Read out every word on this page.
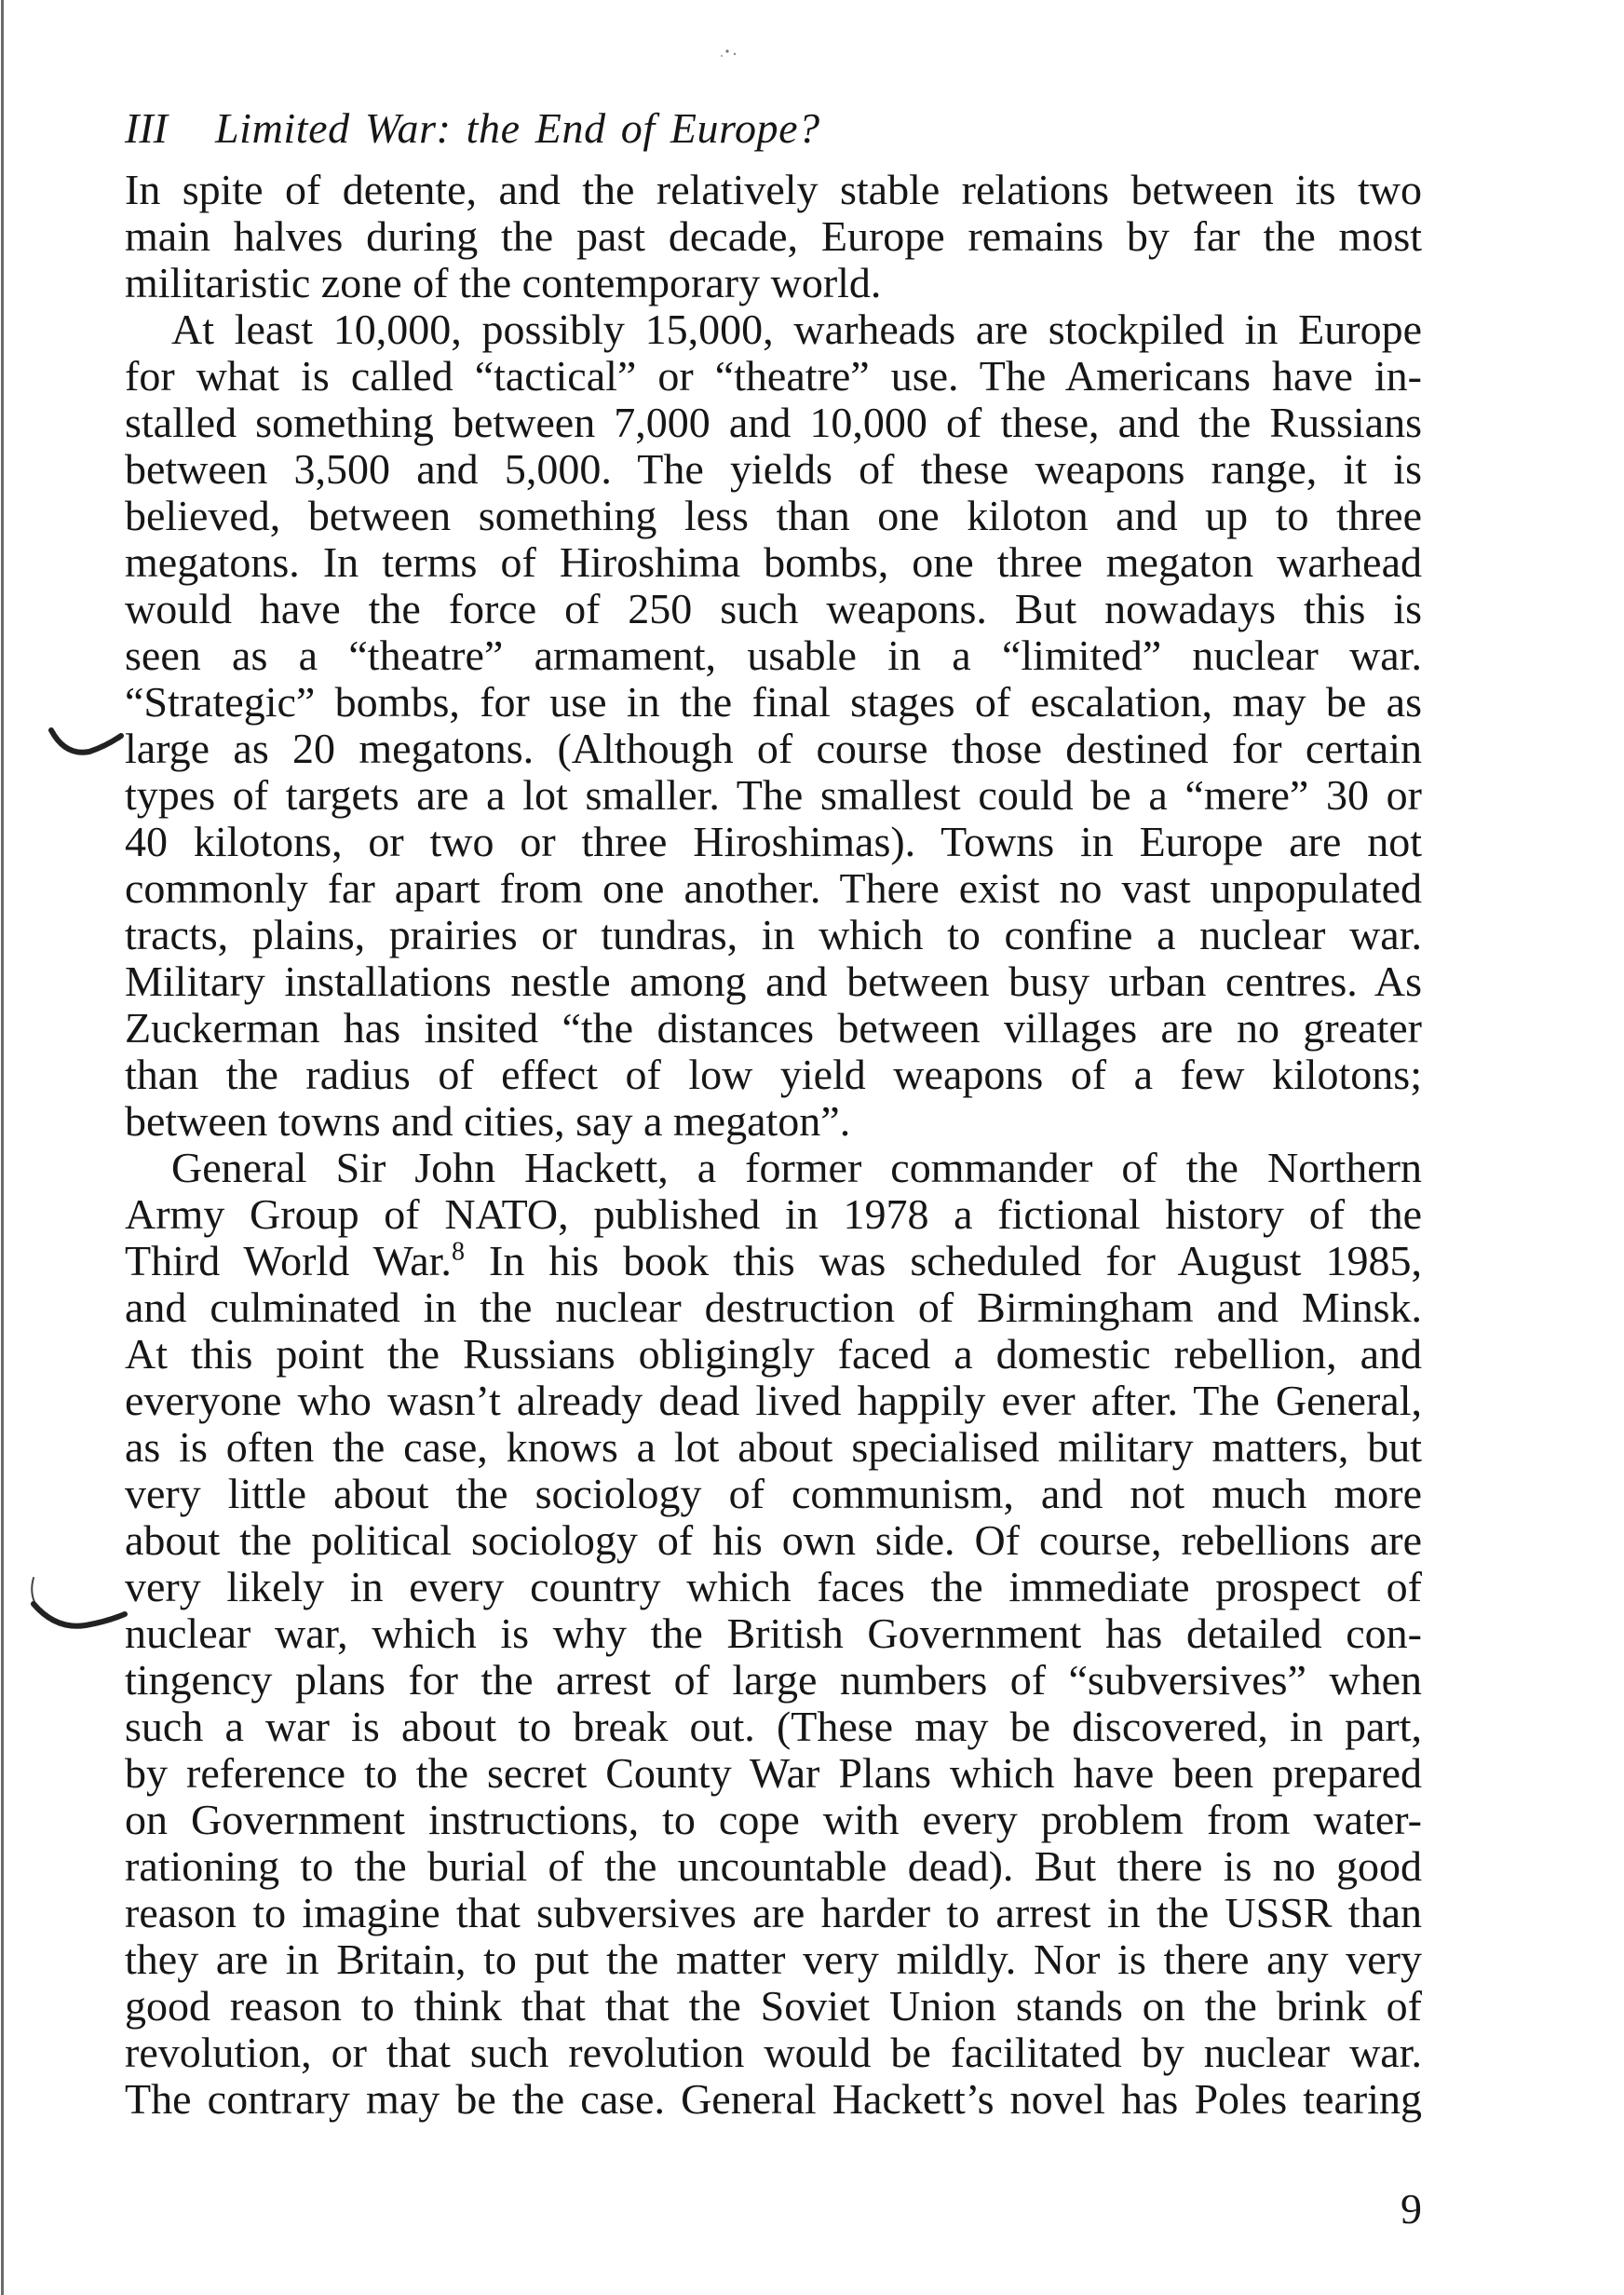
III Limited War: the End of Europe?
In spite of detente, and the relatively stable relations between its two
main halves during the past decade, Europe remains by far the most
militaristic zone of the contemporary world.
At least 10,000, possibly 15,000, warheads are stockpiled in Europe
for what is called “tactical” or “theatre” use. The Americans have in-
stalled something between 7,000 and 10,000 of these, and the Russians
between 3,500 and 5,000. The yields of these weapons range, it is
believed, between something less than one kiloton and up to three
megatons. In terms of Hiroshima bombs, one three megaton warhead
would have the force of 250 such weapons. But nowadays this is
seen as a “theatre” armament, usable in a “limited” nuclear war.
“Strategic” bombs, for use in the final stages of escalation, may be as
large as 20 megatons. (Although of course those destined for certain
types of targets are a lot smaller. The smallest could be a “mere” 30 or
40 kilotons, or two or three Hiroshimas). Towns in Europe are not
commonly far apart from one another. There exist no vast unpopulated
tracts, plains, prairies or tundras, in which to confine a nuclear war.
Military installations nestle among and between busy urban centres. As
Zuckerman has insited “the distances between villages are no greater
than the radius of effect of low yield weapons of a few kilotons;
between towns and cities, say a megaton”.
General Sir John Hackett, a former commander of the Northern
Army Group of NATO, published in 1978 a fictional history of the
Third World War.$^8$ In his book this was scheduled for August 1985,
and culminated in the nuclear destruction of Birmingham and Minsk.
At this point the Russians obligingly faced a domestic rebellion, and
everyone who wasn’t already dead lived happily ever after. The General,
as is often the case, knows a lot about specialised military matters, but
very little about the sociology of communism, and not much more
about the political sociology of his own side. Of course, rebellions are
very likely in every country which faces the immediate prospect of
nuclear war, which is why the British Government has detailed con-
tingency plans for the arrest of large numbers of “subversives” when
such a war is about to break out. (These may be discovered, in part,
by reference to the secret County War Plans which have been prepared
on Government instructions, to cope with every problem from water-
rationing to the burial of the uncountable dead). But there is no good
reason to imagine that subversives are harder to arrest in the USSR than
they are in Britain, to put the matter very mildly. Nor is there any very
good reason to think that that the Soviet Union stands on the brink of
revolution, or that such revolution would be facilitated by nuclear war.
The contrary may be the case. General Hackett’s novel has Poles tearing
9
